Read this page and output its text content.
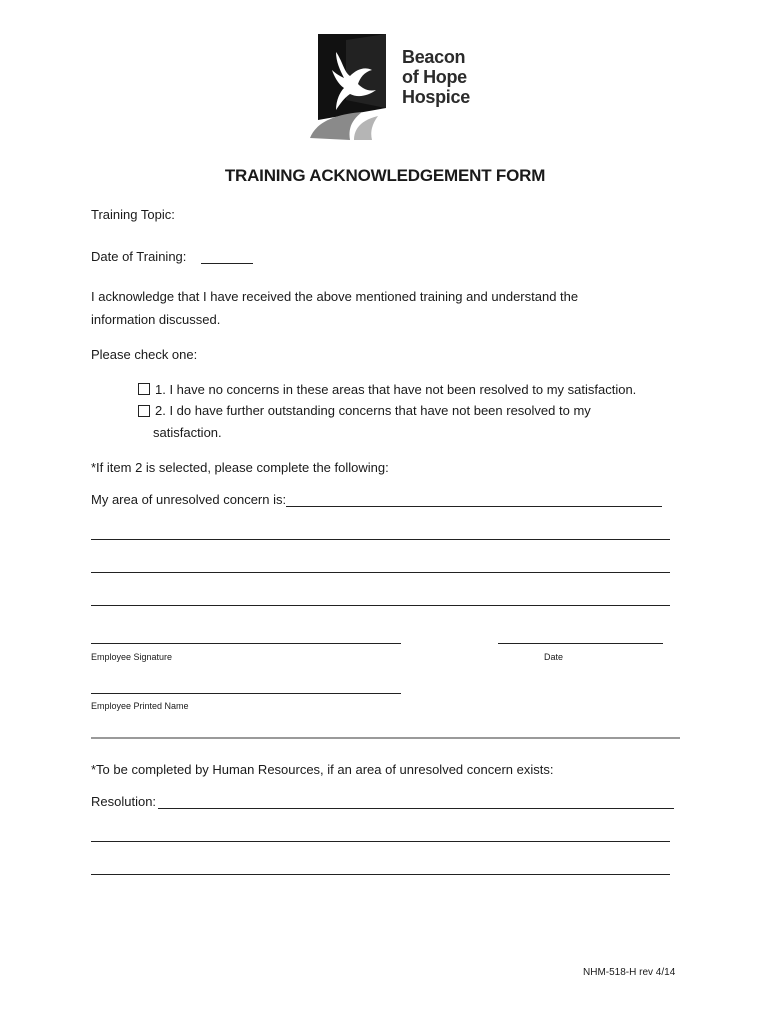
Beacon
of Hope
Hospice
TRAINING ACKNOWLEDGEMENT FORM
Training Topic:
Date of Training:
I acknowledge that I have received the above mentioned training and understand the
information discussed.
Please check one:
1. I have no concerns in these areas that have not been resolved to my satisfaction.
2. I do have further outstanding concerns that have not been resolved to my
satisfaction.
*If item 2 is selected, please complete the following:
My area of unresolved concern is:
Employee Signature	Date
Employee Printed Name
*To be completed by Human Resources, if an area of unresolved concern exists:
Resolution:
NHM-518-H rev 4/14
